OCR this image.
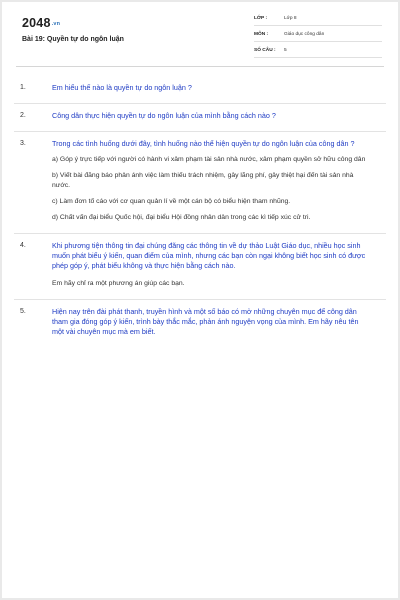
2048.vn
Bài 19: Quyền tự do ngôn luận
LỚP :	Lớp 8
MÔN :	Giáo dục công dân
SỐ CÂU :	5
1.	Em hiểu thế nào là quyền tự do ngôn luận ?
2.	Công dân thực hiện quyền tự do ngôn luận của mình bằng cách nào ?
3.	Trong các tình huống dưới đây, tình huống nào thể hiện quyền tự do ngôn luận của công dân ?
a) Góp ý trực tiếp với người có hành vi xâm phạm tài sản nhà nước, xâm phạm quyền sở hữu công dân
b) Viết bài đăng báo phản ánh việc làm thiếu trách nhiệm, gây lãng phí, gây thiệt hại đến tài sản nhà nước.
c) Làm đơn tố cáo với cơ quan quản lí về một cán bộ có biểu hiện tham nhũng.
d) Chất vấn đại biểu Quốc hội, đại biểu Hội đồng nhân dân trong các kì tiếp xúc cử tri.
4.	Khi phương tiện thông tin đại chúng đăng các thông tin về dự thảo Luật Giáo dục, nhiều học sinh muốn phát biểu ý kiến, quan điểm của mình, nhưng các bạn còn ngại không biết học sinh có được phép góp ý, phát biểu không và thực hiện bằng cách nào.
Em hãy chỉ ra một phương án giúp các bạn.
5.	Hiện nay trên đài phát thanh, truyền hình và một số báo có mở những chuyên mục để công dân tham gia đóng góp ý kiến, trình bày thắc mắc, phản ánh nguyện vọng của mình. Em hãy nêu tên một vài chuyên mục mà em biết.
